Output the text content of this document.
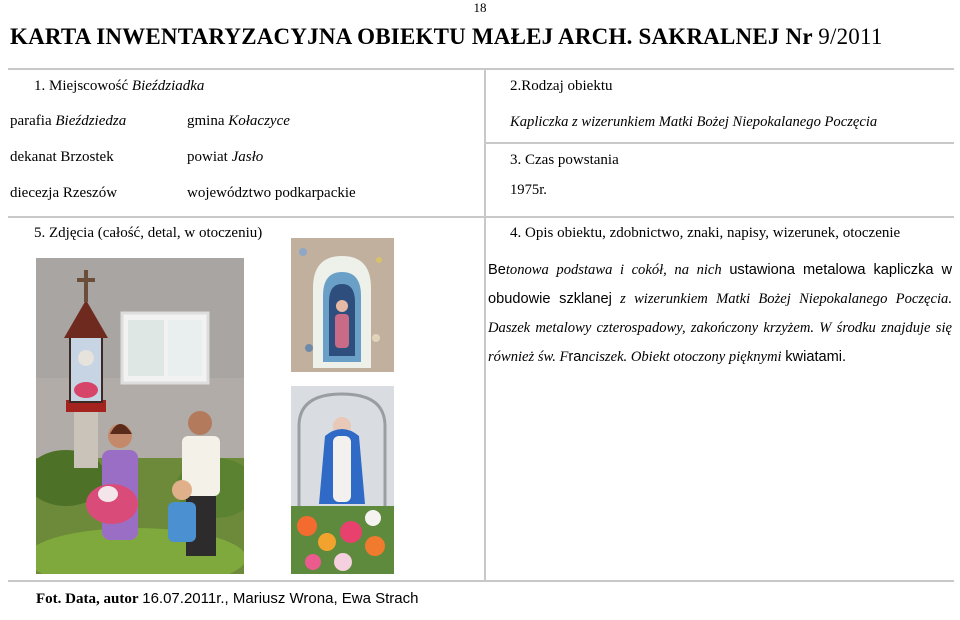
18
KARTA INWENTARYZACYJNA OBIEKTU MAŁEJ ARCH. SAKRALNEJ Nr 9/2011
1. Miejscowość Bieździadka
parafia Bieździedza	gmina Kołaczyce
dekanat Brzostek	powiat Jasło
diecezja Rzeszów	województwo podkarpackie
2.Rodzaj obiektu
Kapliczka z wizerunkiem Matki Bożej Niepokalanego Poczęcia
3. Czas powstania
1975r.
5. Zdjęcia (całość, detal, w otoczeniu)	4. Opis obiektu, zdobnictwo, znaki, napisy, wizerunek, otoczenie
Betonowa podstawa i cokół, na nich ustawiona metalowa kapliczka w obudowie szklanej z wizerunkiem Matki Bożej Niepokalanego Poczęcia. Daszek metalowy czterospadowy, zakończony krzyżem. W środku znajduje się również św. Franciszek. Obiekt otoczony pięknymi kwiatami.
Fot. Data, autor 16.07.2011r., Mariusz Wrona, Ewa Strach
